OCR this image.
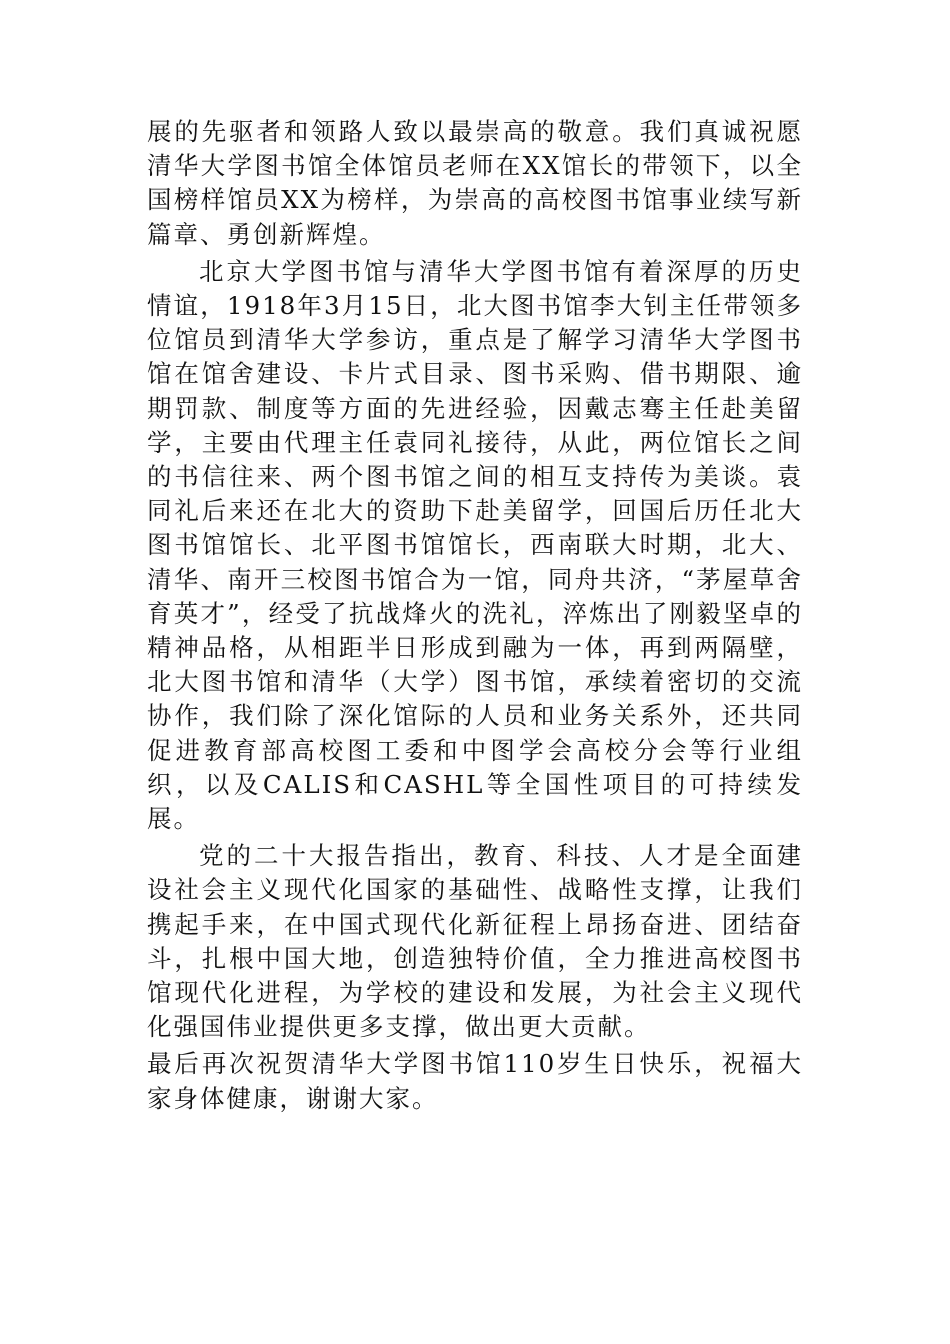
展的先驱者和领路人致以最崇高的敬意。我们真诚祝愿清华大学图书馆全体馆员老师在XX馆长的带领下，以全国榜样馆员XX为榜样，为崇高的高校图书馆事业续写新篇章、勇创新辉煌。

北京大学图书馆与清华大学图书馆有着深厚的历史情谊，1918年3月15日，北大图书馆李大钊主任带领多位馆员到清华大学参访，重点是了解学习清华大学图书馆在馆舍建设、卡片式目录、图书采购、借书期限、逾期罚款、制度等方面的先进经验，因戴志骞主任赴美留学，主要由代理主任袁同礼接待，从此，两位馆长之间的书信往来、两个图书馆之间的相互支持传为美谈。袁同礼后来还在北大的资助下赴美留学，回国后历任北大图书馆馆长、北平图书馆馆长，西南联大时期，北大、清华、南开三校图书馆合为一馆，同舟共济，“茅屋草舍育英才”，经受了抗战烽火的洗礼，淬炼出了刚毅坚卓的精神品格，从相距半日形成到融为一体，再到两隔壁，北大图书馆和清华（大学）图书馆，承续着密切的交流协作，我们除了深化馆际的人员和业务关系外，还共同促进教育部高校图工委和中图学会高校分会等行业组织，以及CALIS和CASHL等全国性项目的可持续发展。

党的二十大报告指出，教育、科技、人才是全面建设社会主义现代化国家的基础性、战略性支撑，让我们携起手来，在中国式现代化新征程上昂扬奋进、团结奋斗，扎根中国大地，创造独特价值，全力推进高校图书馆现代化进程，为学校的建设和发展，为社会主义现代化强国伟业提供更多支撑，做出更大贡献。

最后再次祝贺清华大学图书馆110岁生日快乐，祝福大家身体健康，谢谢大家。
